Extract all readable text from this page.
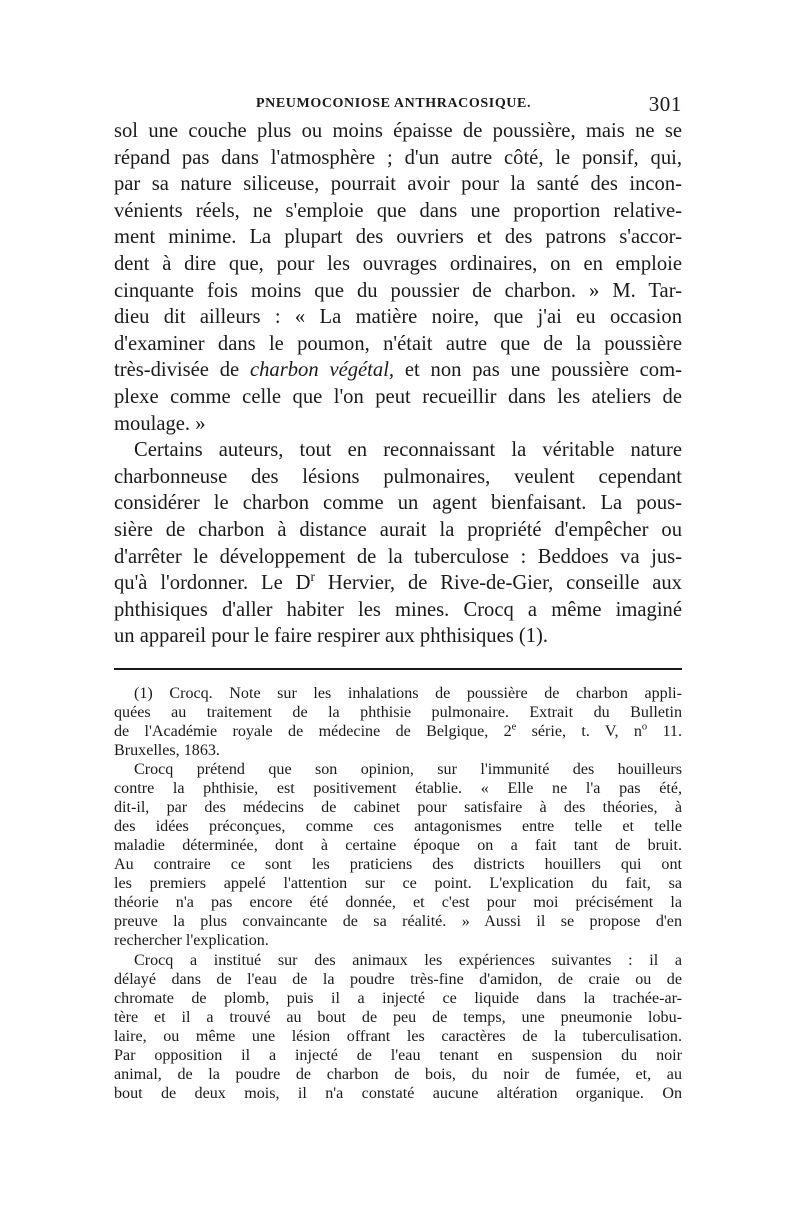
PNEUMOCONIOSE ANTHRACOSIQUE.	301
sol une couche plus ou moins épaisse de poussière, mais ne se
répand pas dans l'atmosphère ; d'un autre côté, le ponsif, qui,
par sa nature siliceuse, pourrait avoir pour la santé des incon-
vénients réels, ne s'emploie que dans une proportion relative-
ment minime. La plupart des ouvriers et des patrons s'accor-
dent à dire que, pour les ouvrages ordinaires, on en emploie
cinquante fois moins que du poussier de charbon. » M. Tar-
dieu dit ailleurs : « La matière noire, que j'ai eu occasion
d'examiner dans le poumon, n'était autre que de la poussière
très-divisée de charbon végétal, et non pas une poussière com-
plexe comme celle que l'on peut recueillir dans les ateliers de
moulage. »
Certains auteurs, tout en reconnaissant la véritable nature
charbonneuse des lésions pulmonaires, veulent cependant
considérer le charbon comme un agent bienfaisant. La pous-
sière de charbon à distance aurait la propriété d'empêcher ou
d'arrêter le développement de la tuberculose : Beddoes va jus-
qu'à l'ordonner. Le $D^r$ Hervier, de Rive-de-Gier, conseille aux
phthisiques d'aller habiter les mines. Crocq a même imaginé
un appareil pour le faire respirer aux phthisiques (1).
(1) Crocq. Note sur les inhalations de poussière de charbon appli-
quées au traitement de la phthisie pulmonaire. Extrait du Bulletin
de l'Académie royale de médecine de Belgique, 2e série, t. V, $n^o$ 11.
Bruxelles, 1863.
Crocq prétend que son opinion, sur l'immunité des houilleurs
contre la phthisie, est positivement établie. « Elle ne l'a pas été,
dit-il, par des médecins de cabinet pour satisfaire à des théories, à
des idées préconçues, comme ces antagonismes entre telle et telle
maladie déterminée, dont à certaine époque on a fait tant de bruit.
Au contraire ce sont les praticiens des districts houillers qui ont
les premiers appelé l'attention sur ce point. L'explication du fait, sa
théorie n'a pas encore été donnée, et c'est pour moi précisément la
preuve la plus convaincante de sa réalité. » Aussi il se propose d'en
rechercher l'explication.
Crocq a institué sur des animaux les expériences suivantes : il a
délayé dans de l'eau de la poudre très-fine d'amidon, de craie ou de
chromate de plomb, puis il a injecté ce liquide dans la trachée-ar-
tère et il a trouvé au bout de peu de temps, une pneumonie lobu-
laire, ou même une lésion offrant les caractères de la tuberculisation.
Par opposition il a injecté de l'eau tenant en suspension du noir
animal, de la poudre de charbon de bois, du noir de fumée, et, au
bout de deux mois, il n'a constaté aucune altération organique. On
